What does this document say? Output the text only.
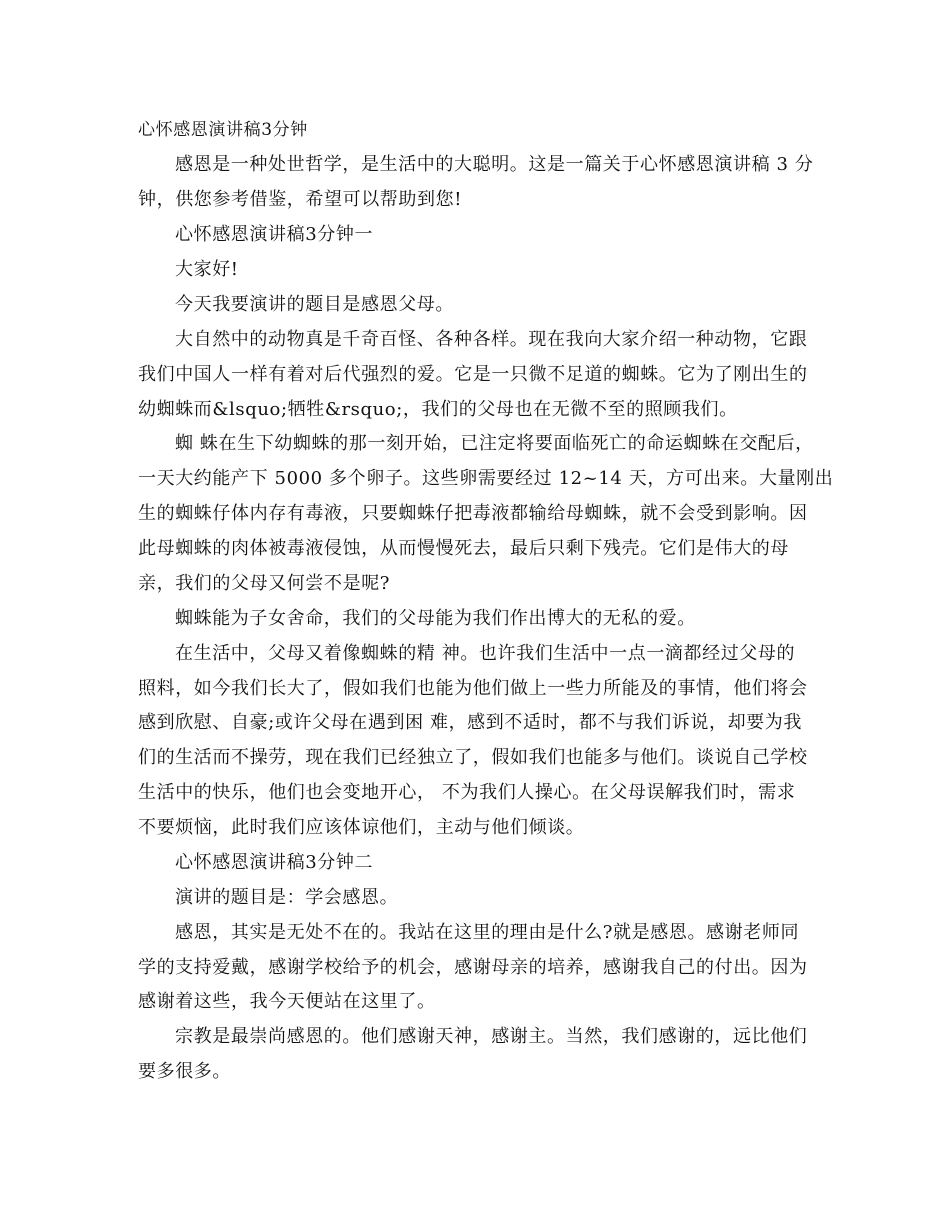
心怀感恩演讲稿3分钟
感恩是一种处世哲学，是生活中的大聪明。这是一篇关于心怀感恩演讲稿 3 分
钟，供您参考借鉴，希望可以帮助到您!
心怀感恩演讲稿3分钟一
大家好!
今天我要演讲的题目是感恩父母。
大自然中的动物真是千奇百怪、各种各样。现在我向大家介绍一种动物，它跟
我们中国人一样有着对后代强烈的爱。它是一只微不足道的蜘蛛。它为了刚出生的
幼蜘蛛而&lsquo;牺牲&rsquo;，我们的父母也在无微不至的照顾我们。
蜘 蛛在生下幼蜘蛛的那一刻开始，已注定将要面临死亡的命运蜘蛛在交配后，
一天大约能产下 5000 多个卵子。这些卵需要经过 12~14 天，方可出来。大量刚出
生的蜘蛛仔体内存有毒液，只要蜘蛛仔把毒液都输给母蜘蛛，就不会受到影响。因
此母蜘蛛的肉体被毒液侵蚀，从而慢慢死去，最后只剩下残壳。它们是伟大的母
亲，我们的父母又何尝不是呢?
蜘蛛能为子女舍命，我们的父母能为我们作出博大的无私的爱。
在生活中，父母又着像蜘蛛的精 神。也许我们生活中一点一滴都经过父母的
照料，如今我们长大了，假如我们也能为他们做上一些力所能及的事情，他们将会
感到欣慰、自豪;或许父母在遇到困 难，感到不适时，都不与我们诉说，却要为我
们的生活而不操劳，现在我们已经独立了，假如我们也能多与他们。谈说自己学校
生活中的快乐，他们也会变地开心， 不为我们人操心。在父母误解我们时，需求
不要烦恼，此时我们应该体谅他们，主动与他们倾谈。
心怀感恩演讲稿3分钟二
演讲的题目是：学会感恩。
感恩，其实是无处不在的。我站在这里的理由是什么?就是感恩。感谢老师同
学的支持爱戴，感谢学校给予的机会，感谢母亲的培养，感谢我自己的付出。因为
感谢着这些，我今天便站在这里了。
宗教是最崇尚感恩的。他们感谢天神，感谢主。当然，我们感谢的，远比他们
要多很多。
